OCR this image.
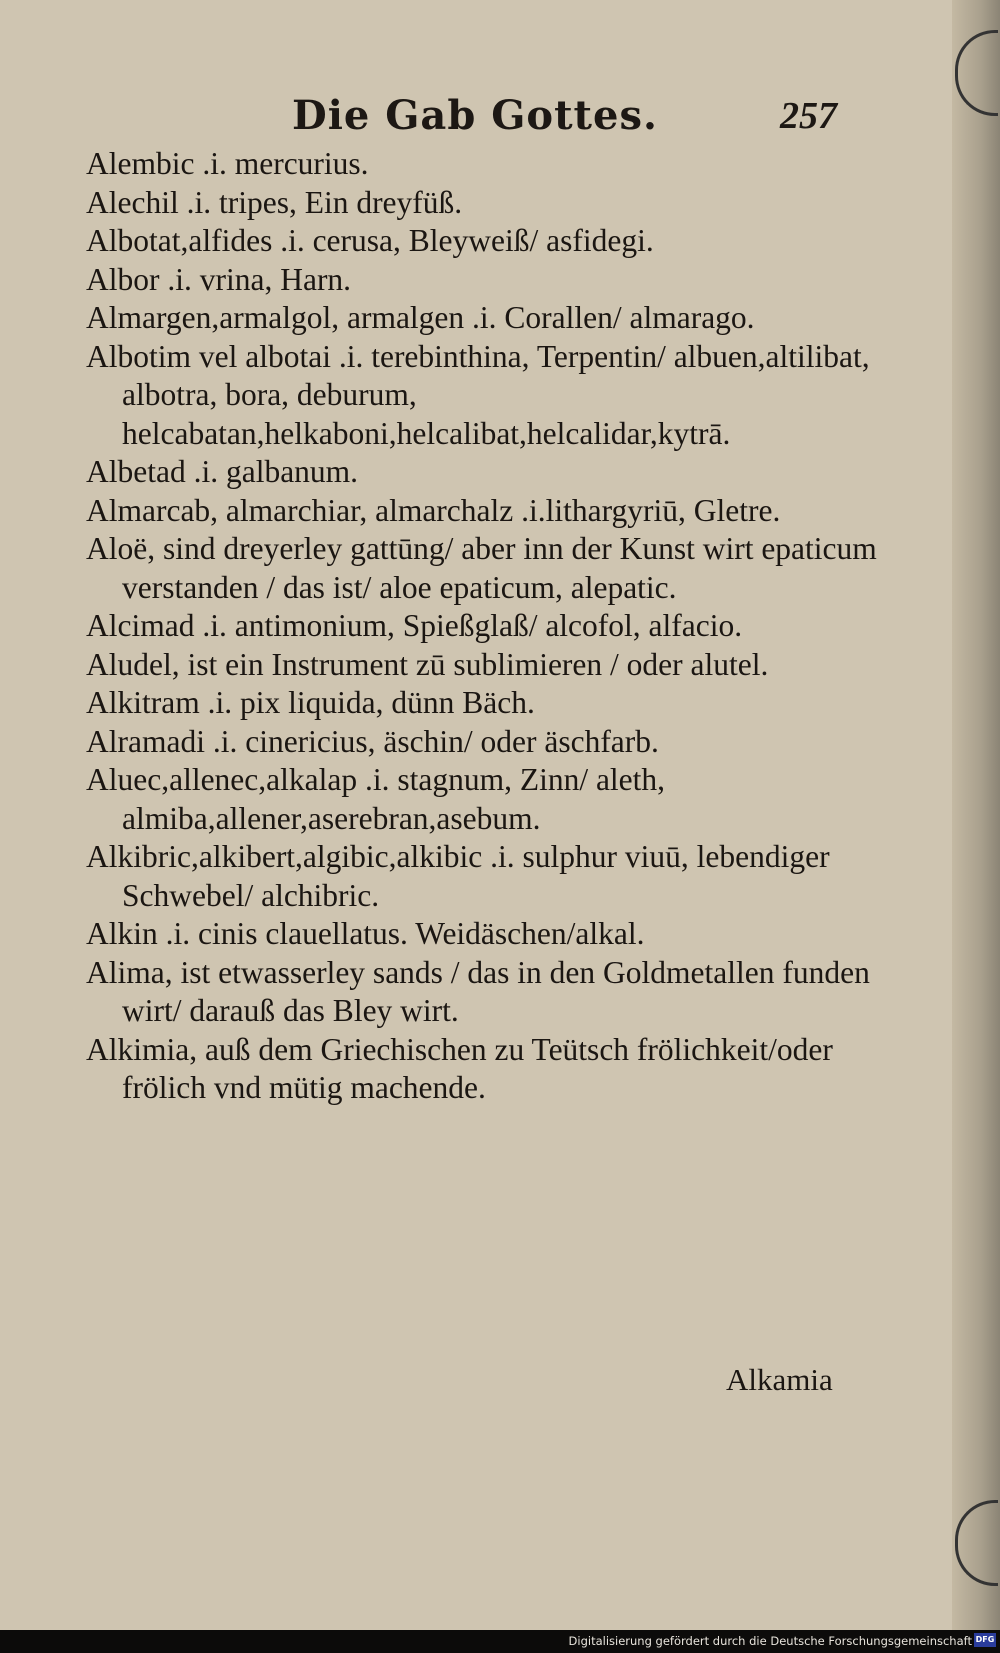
Die Gab Gottes.	257

Alembic .i. mercurius.

Alechil .i. tripes, Ein dreyfüß.

Albotat,alfides .i. cerusa, Bleyweiß/ asfidegi.

Albor .i. vrina, Harn.

Almargen,armalgol, armalgen .i. Corallen/ almarago.

Albotim vel albotai .i. terebinthina, Terpentin/ albuen,altilibat, albotra, bora, deburum, helcabatan,helkaboni,helcalibat,helcalidar,kytrā.

Albetad .i. galbanum.

Almarcab, almarchiar, almarchalz .i.lithargyriū, Gletre.

Aloë, sind dreyerley gattūng/ aber inn der Kunst wirt epaticum verstanden / das ist/ aloe epaticum, alepatic.

Alcimad .i. antimonium, Spießglaß/ alcofol, alfacio.

Aludel, ist ein Instrument zū sublimieren / oder alutel.

Alkitram .i. pix liquida, dünn Bäch.

Alramadi .i. cinericius, äschin/ oder äschfarb.

Aluec,allenec,alkalap .i. stagnum, Zinn/ aleth, almiba,allener,aserebran,asebum.

Alkibric,alkibert,algibic,alkibic .i. sulphur viuū, lebendiger Schwebel/ alchibric.

Alkin .i. cinis clauellatus. Weidäschen/alkal.

Alima, ist etwasserley sands / das in den Goldmetallen funden wirt/ darauß das Bley wirt.

Alkimia, auß dem Griechischen zu Teütsch frölichkeit/oder frölich vnd mütig machende.

Alkamia
Digitalisierung gefördert durch die Deutsche Forschungsgemeinschaft DFG
